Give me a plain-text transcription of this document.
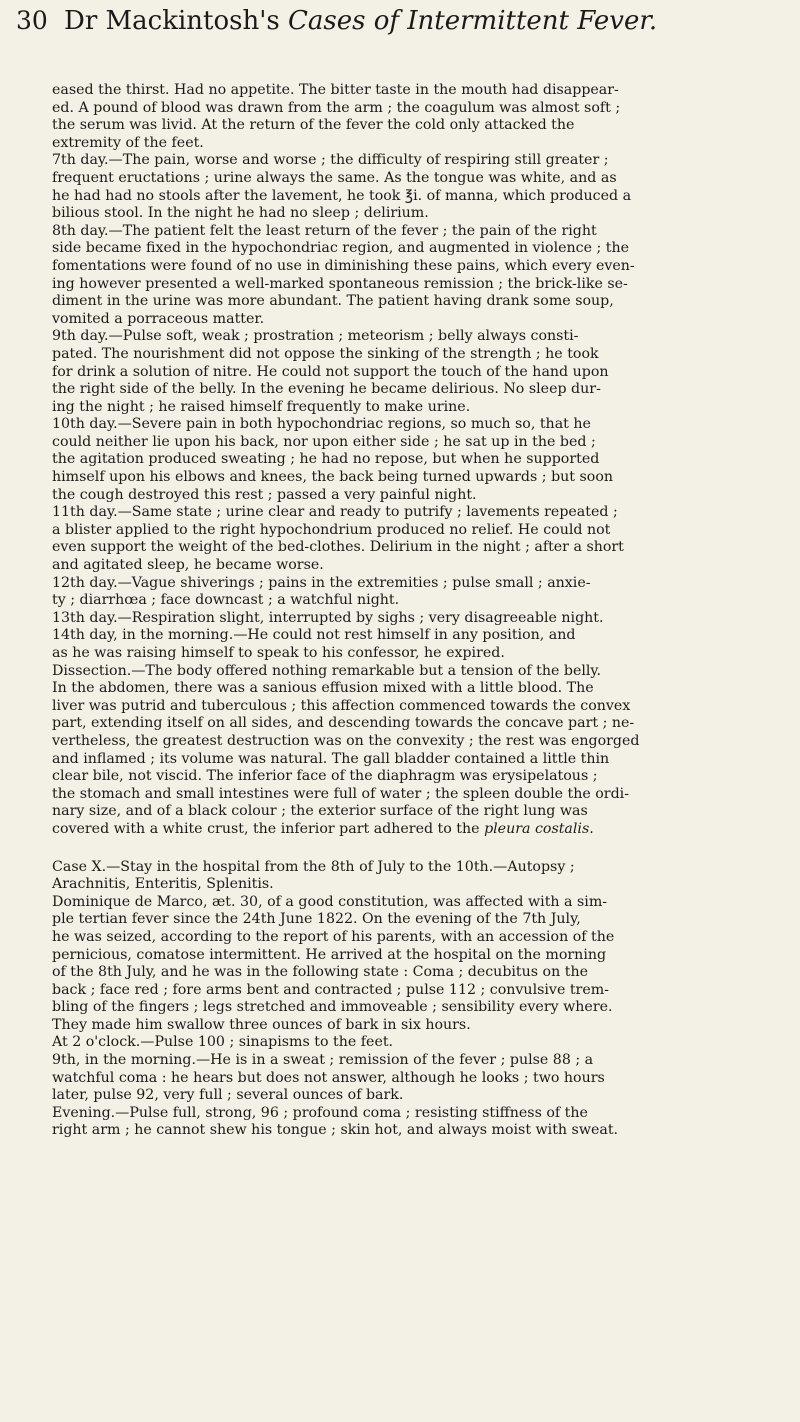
30 Dr Mackintosh's Cases of Intermittent Fever.
eased the thirst. Had no appetite. The bitter taste in the mouth had disappear-
ed. A pound of blood was drawn from the arm ; the coagulum was almost soft ;
the serum was livid. At the return of the fever the cold only attacked the
extremity of the feet.
7th day.—The pain, worse and worse ; the difficulty of respiring still greater ;
frequent eructations ; urine always the same. As the tongue was white, and as
he had had no stools after the lavement, he took ℥i. of manna, which produced a
bilious stool. In the night he had no sleep ; delirium.
8th day.—The patient felt the least return of the fever ; the pain of the right
side became fixed in the hypochondriac region, and augmented in violence ; the
fomentations were found of no use in diminishing these pains, which every even-
ing however presented a well-marked spontaneous remission ; the brick-like se-
diment in the urine was more abundant. The patient having drank some soup,
vomited a porraceous matter.
9th day.—Pulse soft, weak ; prostration ; meteorism ; belly always consti-
pated. The nourishment did not oppose the sinking of the strength ; he took
for drink a solution of nitre. He could not support the touch of the hand upon
the right side of the belly. In the evening he became delirious. No sleep dur-
ing the night ; he raised himself frequently to make urine.
10th day.—Severe pain in both hypochondriac regions, so much so, that he
could neither lie upon his back, nor upon either side ; he sat up in the bed ;
the agitation produced sweating ; he had no repose, but when he supported
himself upon his elbows and knees, the back being turned upwards ; but soon
the cough destroyed this rest ; passed a very painful night.
11th day.—Same state ; urine clear and ready to putrify ; lavements repeated ;
a blister applied to the right hypochondrium produced no relief. He could not
even support the weight of the bed-clothes. Delirium in the night ; after a short
and agitated sleep, he became worse.
12th day.—Vague shiverings ; pains in the extremities ; pulse small ; anxie-
ty ; diarrhœa ; face downcast ; a watchful night.
13th day.—Respiration slight, interrupted by sighs ; very disagreeable night.
14th day, in the morning.—He could not rest himself in any position, and
as he was raising himself to speak to his confessor, he expired.
Dissection.—The body offered nothing remarkable but a tension of the belly.
In the abdomen, there was a sanious effusion mixed with a little blood. The
liver was putrid and tuberculous ; this affection commenced towards the convex
part, extending itself on all sides, and descending towards the concave part ; ne-
vertheless, the greatest destruction was on the convexity ; the rest was engorged
and inflamed ; its volume was natural. The gall bladder contained a little thin
clear bile, not viscid. The inferior face of the diaphragm was erysipelatous ;
the stomach and small intestines were full of water ; the spleen double the ordi-
nary size, and of a black colour ; the exterior surface of the right lung was
covered with a white crust, the inferior part adhered to the pleura costalis.
Case X.—Stay in the hospital from the 8th of July to the 10th.—Autopsy ;
Arachnitis, Enteritis, Splenitis.
Dominique de Marco, æt. 30, of a good constitution, was affected with a sim-
ple tertian fever since the 24th June 1822. On the evening of the 7th July,
he was seized, according to the report of his parents, with an accession of the
pernicious, comatose intermittent. He arrived at the hospital on the morning
of the 8th July, and he was in the following state : Coma ; decubitus on the
back ; face red ; fore arms bent and contracted ; pulse 112 ; convulsive trem-
bling of the fingers ; legs stretched and immoveable ; sensibility every where.
They made him swallow three ounces of bark in six hours.
At 2 o'clock.—Pulse 100 ; sinapisms to the feet.
9th, in the morning.—He is in a sweat ; remission of the fever ; pulse 88 ; a
watchful coma : he hears but does not answer, although he looks ; two hours
later, pulse 92, very full ; several ounces of bark.
Evening.—Pulse full, strong, 96 ; profound coma ; resisting stiffness of the
right arm ; he cannot shew his tongue ; skin hot, and always moist with sweat.
